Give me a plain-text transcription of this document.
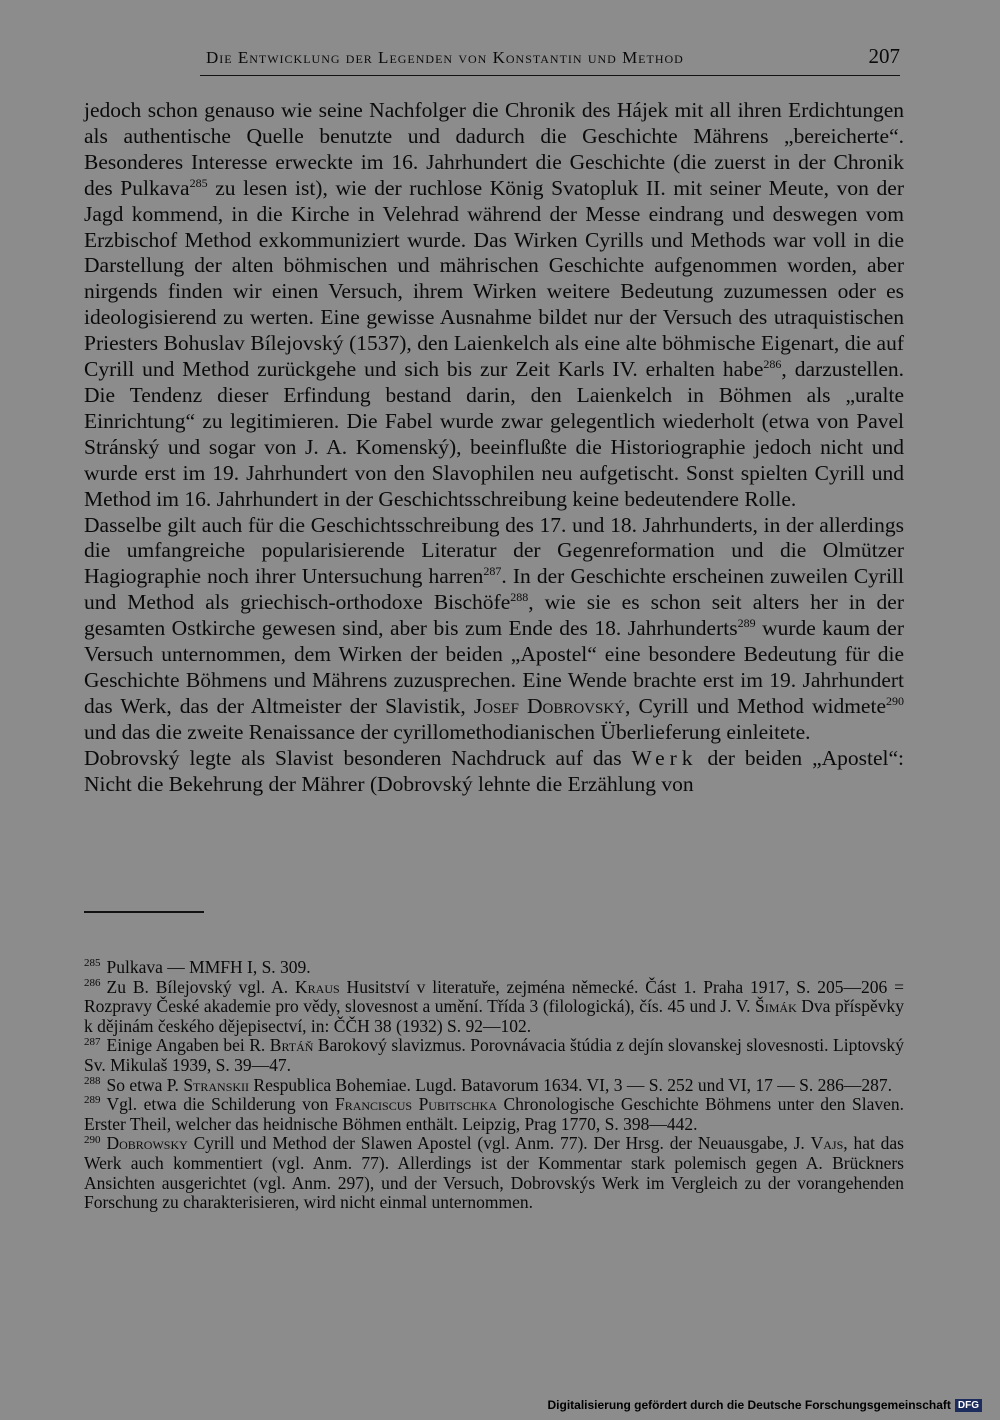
Die Entwicklung der Legenden von Konstantin und Method	207

jedoch schon genauso wie seine Nachfolger die Chronik des Hájek mit all ihren Erdichtungen als authentische Quelle benutzte und dadurch die Geschichte Mährens „bereicherte“. Besonderes Interesse erweckte im 16. Jahrhundert die Geschichte (die zuerst in der Chronik des Pulkava$^{285}$ zu lesen ist), wie der ruchlose König Svatopluk II. mit seiner Meute, von der Jagd kommend, in die Kirche in Velehrad während der Messe eindrang und deswegen vom Erzbischof Method exkommuniziert wurde. Das Wirken Cyrills und Methods war voll in die Darstellung der alten böhmischen und mährischen Geschichte aufgenommen worden, aber nirgends finden wir einen Versuch, ihrem Wirken weitere Bedeutung zuzumessen oder es ideologisierend zu werten. Eine gewisse Ausnahme bildet nur der Versuch des utraquistischen Priesters Bohuslav Bílejovský (1537), den Laienkelch als eine alte böhmische Eigenart, die auf Cyrill und Method zurückgehe und sich bis zur Zeit Karls IV. erhalten habe$^{286}$, darzustellen. Die Tendenz dieser Erfindung bestand darin, den Laienkelch in Böhmen als „uralte Einrichtung“ zu legitimieren. Die Fabel wurde zwar gelegentlich wiederholt (etwa von Pavel Stránský und sogar von J. A. Komenský), beeinflußte die Historiographie jedoch nicht und wurde erst im 19. Jahrhundert von den Slavophilen neu aufgetischt. Sonst spielten Cyrill und Method im 16. Jahrhundert in der Geschichtsschreibung keine bedeutendere Rolle.

Dasselbe gilt auch für die Geschichtsschreibung des 17. und 18. Jahrhunderts, in der allerdings die umfangreiche popularisierende Literatur der Gegenreformation und die Olmützer Hagiographie noch ihrer Untersuchung harren$^{287}$. In der Geschichte erscheinen zuweilen Cyrill und Method als griechisch-orthodoxe Bischöfe$^{288}$, wie sie es schon seit alters her in der gesamten Ostkirche gewesen sind, aber bis zum Ende des 18. Jahrhunderts$^{289}$ wurde kaum der Versuch unternommen, dem Wirken der beiden „Apostel“ eine besondere Bedeutung für die Geschichte Böhmens und Mährens zuzusprechen. Eine Wende brachte erst im 19. Jahrhundert das Werk, das der Altmeister der Slavistik, Josef Dobrovský, Cyrill und Method widmete$^{290}$ und das die zweite Renaissance der cyrillomethodianischen Überlieferung einleitete.

Dobrovský legte als Slavist besonderen Nachdruck auf das Werk der beiden „Apostel“: Nicht die Bekehrung der Mährer (Dobrovský lehnte die Erzählung von

$^{285}$ Pulkava — MMFH I, S. 309.

$^{286}$ Zu B. Bílejovský vgl. A. Kraus Husitství v literatuře, zejména německé. Část 1. Praha 1917, S. 205—206 = Rozpravy České akademie pro vědy, slovesnost a umění. Třída 3 (filologická), čís. 45 und J. V. Šimák Dva příspěvky k dějinám českého dějepisectví, in: ČČH 38 (1932) S. 92—102.

$^{287}$ Einige Angaben bei R. Brtáň Barokový slavizmus. Porovnávacia štúdia z dejín slovanskej slovesnosti. Liptovský Sv. Mikulaš 1939, S. 39—47.

$^{288}$ So etwa P. Stranskii Respublica Bohemiae. Lugd. Batavorum 1634. VI, 3 — S. 252 und VI, 17 — S. 286—287.

$^{289}$ Vgl. etwa die Schilderung von Franciscus Pubitschka Chronologische Geschichte Böhmens unter den Slaven. Erster Theil, welcher das heidnische Böhmen enthält. Leipzig, Prag 1770, S. 398—442.

$^{290}$ Dobrowsky Cyrill und Method der Slawen Apostel (vgl. Anm. 77). Der Hrsg. der Neuausgabe, J. Vajs, hat das Werk auch kommentiert (vgl. Anm. 77). Allerdings ist der Kommentar stark polemisch gegen A. Brückners Ansichten ausgerichtet (vgl. Anm. 297), und der Versuch, Dobrovskýs Werk im Vergleich zu der vorangehenden Forschung zu charakterisieren, wird nicht einmal unternommen.

Digitalisierung gefördert durch die Deutsche Forschungsgemeinschaft DFG
